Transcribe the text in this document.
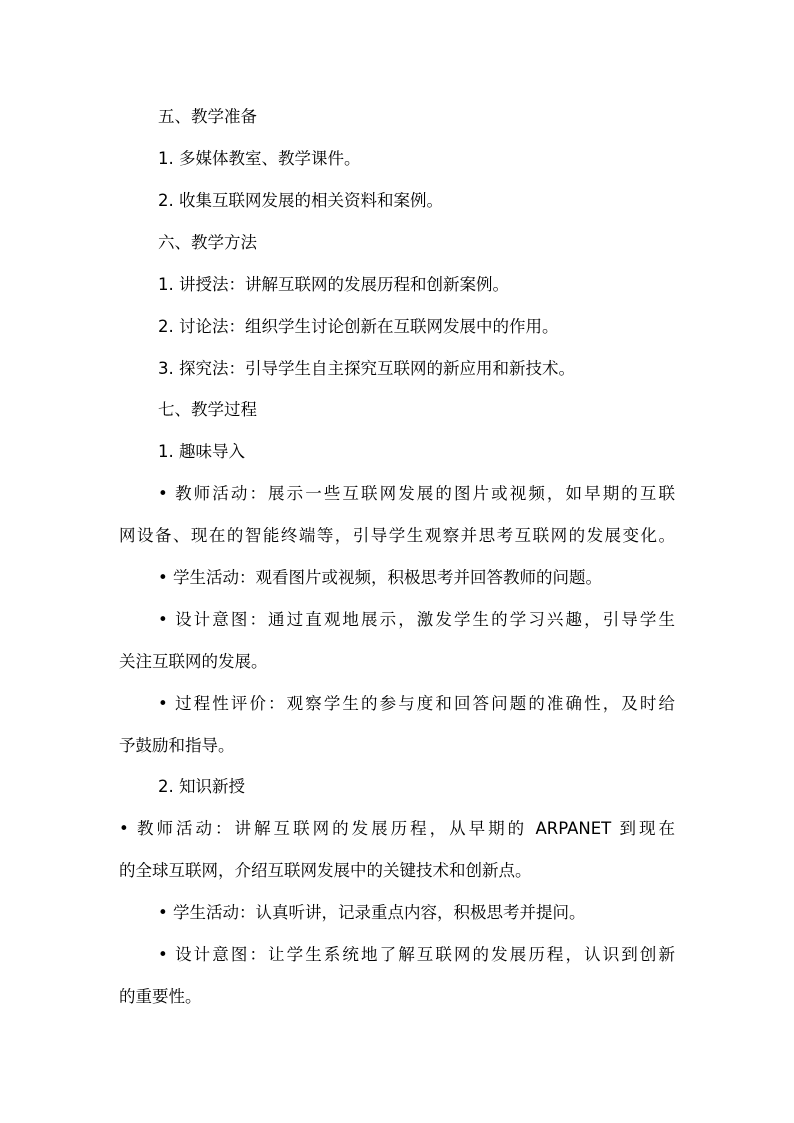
五、教学准备

1. 多媒体教室、教学课件。

2. 收集互联网发展的相关资料和案例。

六、教学方法

1. 讲授法：讲解互联网的发展历程和创新案例。

2. 讨论法：组织学生讨论创新在互联网发展中的作用。

3. 探究法：引导学生自主探究互联网的新应用和新技术。

七、教学过程

1. 趣味导入

• 教师活动：展示一些互联网发展的图片或视频，如早期的互联

网设备、现在的智能终端等，引导学生观察并思考互联网的发展变化。

• 学生活动：观看图片或视频，积极思考并回答教师的问题。

• 设计意图：通过直观地展示，激发学生的学习兴趣，引导学生

关注互联网的发展。

• 过程性评价：观察学生的参与度和回答问题的准确性，及时给

予鼓励和指导。

2. 知识新授

• 教师活动：讲解互联网的发展历程，从早期的 ARPANET 到现在

的全球互联网，介绍互联网发展中的关键技术和创新点。

• 学生活动：认真听讲，记录重点内容，积极思考并提问。

• 设计意图：让学生系统地了解互联网的发展历程，认识到创新

的重要性。
